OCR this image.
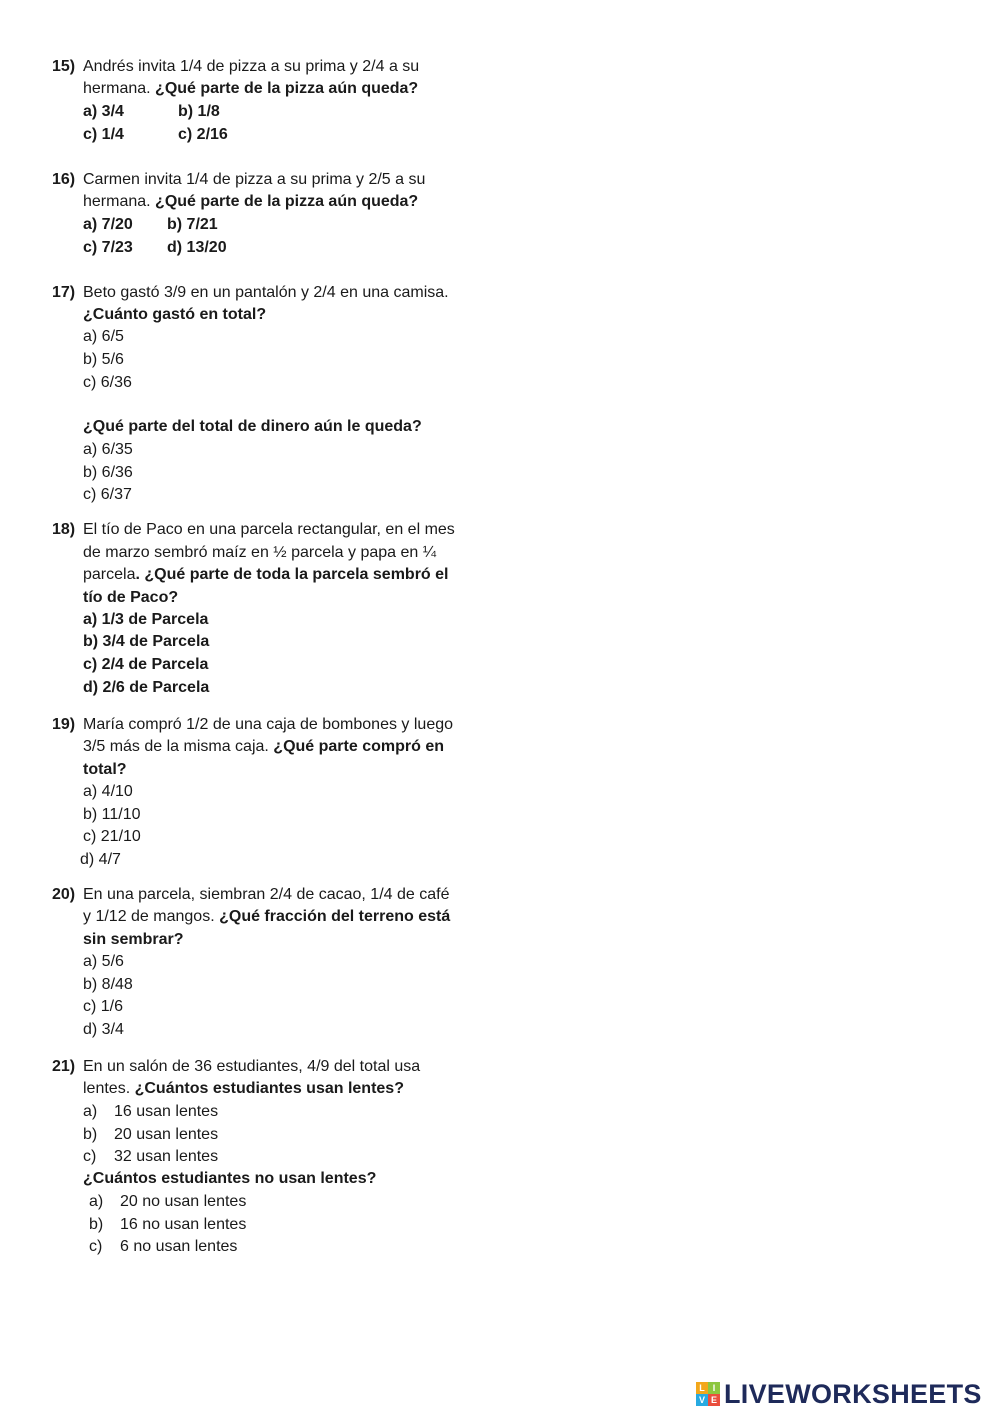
15) Andrés invita 1/4 de pizza a su prima y 2/4 a su
hermana. ¿Qué parte de la pizza aún queda?
a) 3/4	b) 1/8
c) 1/4	c) 2/16
16) Carmen invita 1/4 de pizza a su prima y 2/5 a su
hermana. ¿Qué parte de la pizza aún queda?
a) 7/20 b) 7/21
c) 7/23 d) 13/20
17) Beto gastó 3/9 en un pantalón y 2/4 en una camisa.
¿Cuánto gastó en total?
a) 6/5
b) 5/6
c) 6/36
¿Qué parte del total de dinero aún le queda?
a) 6/35
b) 6/36
c) 6/37
18) El tío de Paco en una parcela rectangular, en el mes
de marzo sembró maíz en ½ parcela y papa en ¼
parcela. ¿Qué parte de toda la parcela sembró el
tío de Paco?
a) 1/3 de Parcela
b) 3/4 de Parcela
c) 2/4 de Parcela
d) 2/6 de Parcela
19) María compró 1/2 de una caja de bombones y luego
3/5 más de la misma caja. ¿Qué parte compró en
total?
a) 4/10
b) 11/10
c) 21/10
d) 4/7
20) En una parcela, siembran 2/4 de cacao, 1/4 de café
y 1/12 de mangos. ¿Qué fracción del terreno está
sin sembrar?
a) 5/6
b) 8/48
c) 1/6
d) 3/4
21) En un salón de 36 estudiantes, 4/9 del total usa
lentes. ¿Cuántos estudiantes usan lentes?
a) 16 usan lentes
b) 20 usan lentes
c) 32 usan lentes
¿Cuántos estudiantes no usan lentes?
a) 20 no usan lentes
b) 16 no usan lentes
c) 6 no usan lentes
L I
V E LIVEWORKSHEETS
